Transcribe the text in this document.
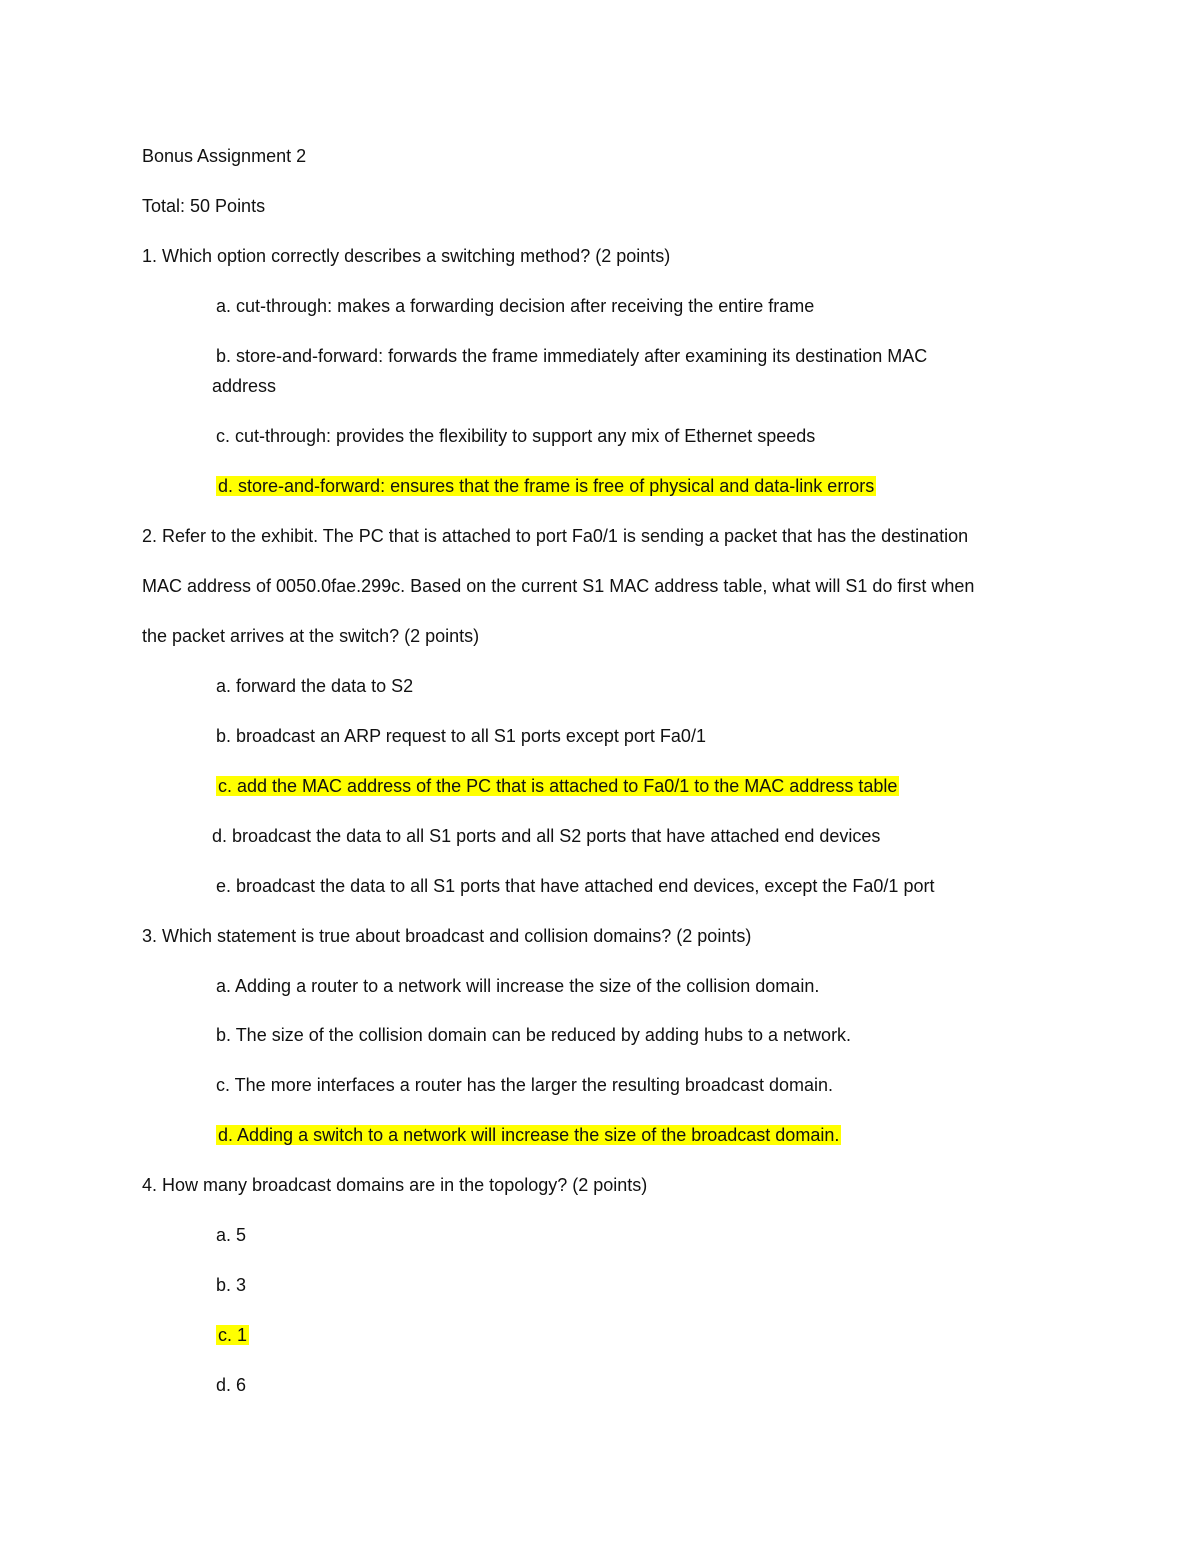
Bonus Assignment 2
Total: 50 Points
1. Which option correctly describes a switching method? (2 points)
a. cut-through: makes a forwarding decision after receiving the entire frame
b. store-and-forward: forwards the frame immediately after examining its destination MAC
address
c. cut-through: provides the flexibility to support any mix of Ethernet speeds
d. store-and-forward: ensures that the frame is free of physical and data-link errors
2. Refer to the exhibit. The PC that is attached to port Fa0/1 is sending a packet that has the destination
MAC address of 0050.0fae.299c. Based on the current S1 MAC address table, what will S1 do first when
the packet arrives at the switch? (2 points)
a. forward the data to S2
b. broadcast an ARP request to all S1 ports except port Fa0/1
c. add the MAC address of the PC that is attached to Fa0/1 to the MAC address table
d. broadcast the data to all S1 ports and all S2 ports that have attached end devices
e. broadcast the data to all S1 ports that have attached end devices, except the Fa0/1 port
3. Which statement is true about broadcast and collision domains? (2 points)
a. Adding a router to a network will increase the size of the collision domain.
b. The size of the collision domain can be reduced by adding hubs to a network.
c. The more interfaces a router has the larger the resulting broadcast domain.
d. Adding a switch to a network will increase the size of the broadcast domain.
4. How many broadcast domains are in the topology? (2 points)
a. 5
b. 3
c. 1
d. 6
